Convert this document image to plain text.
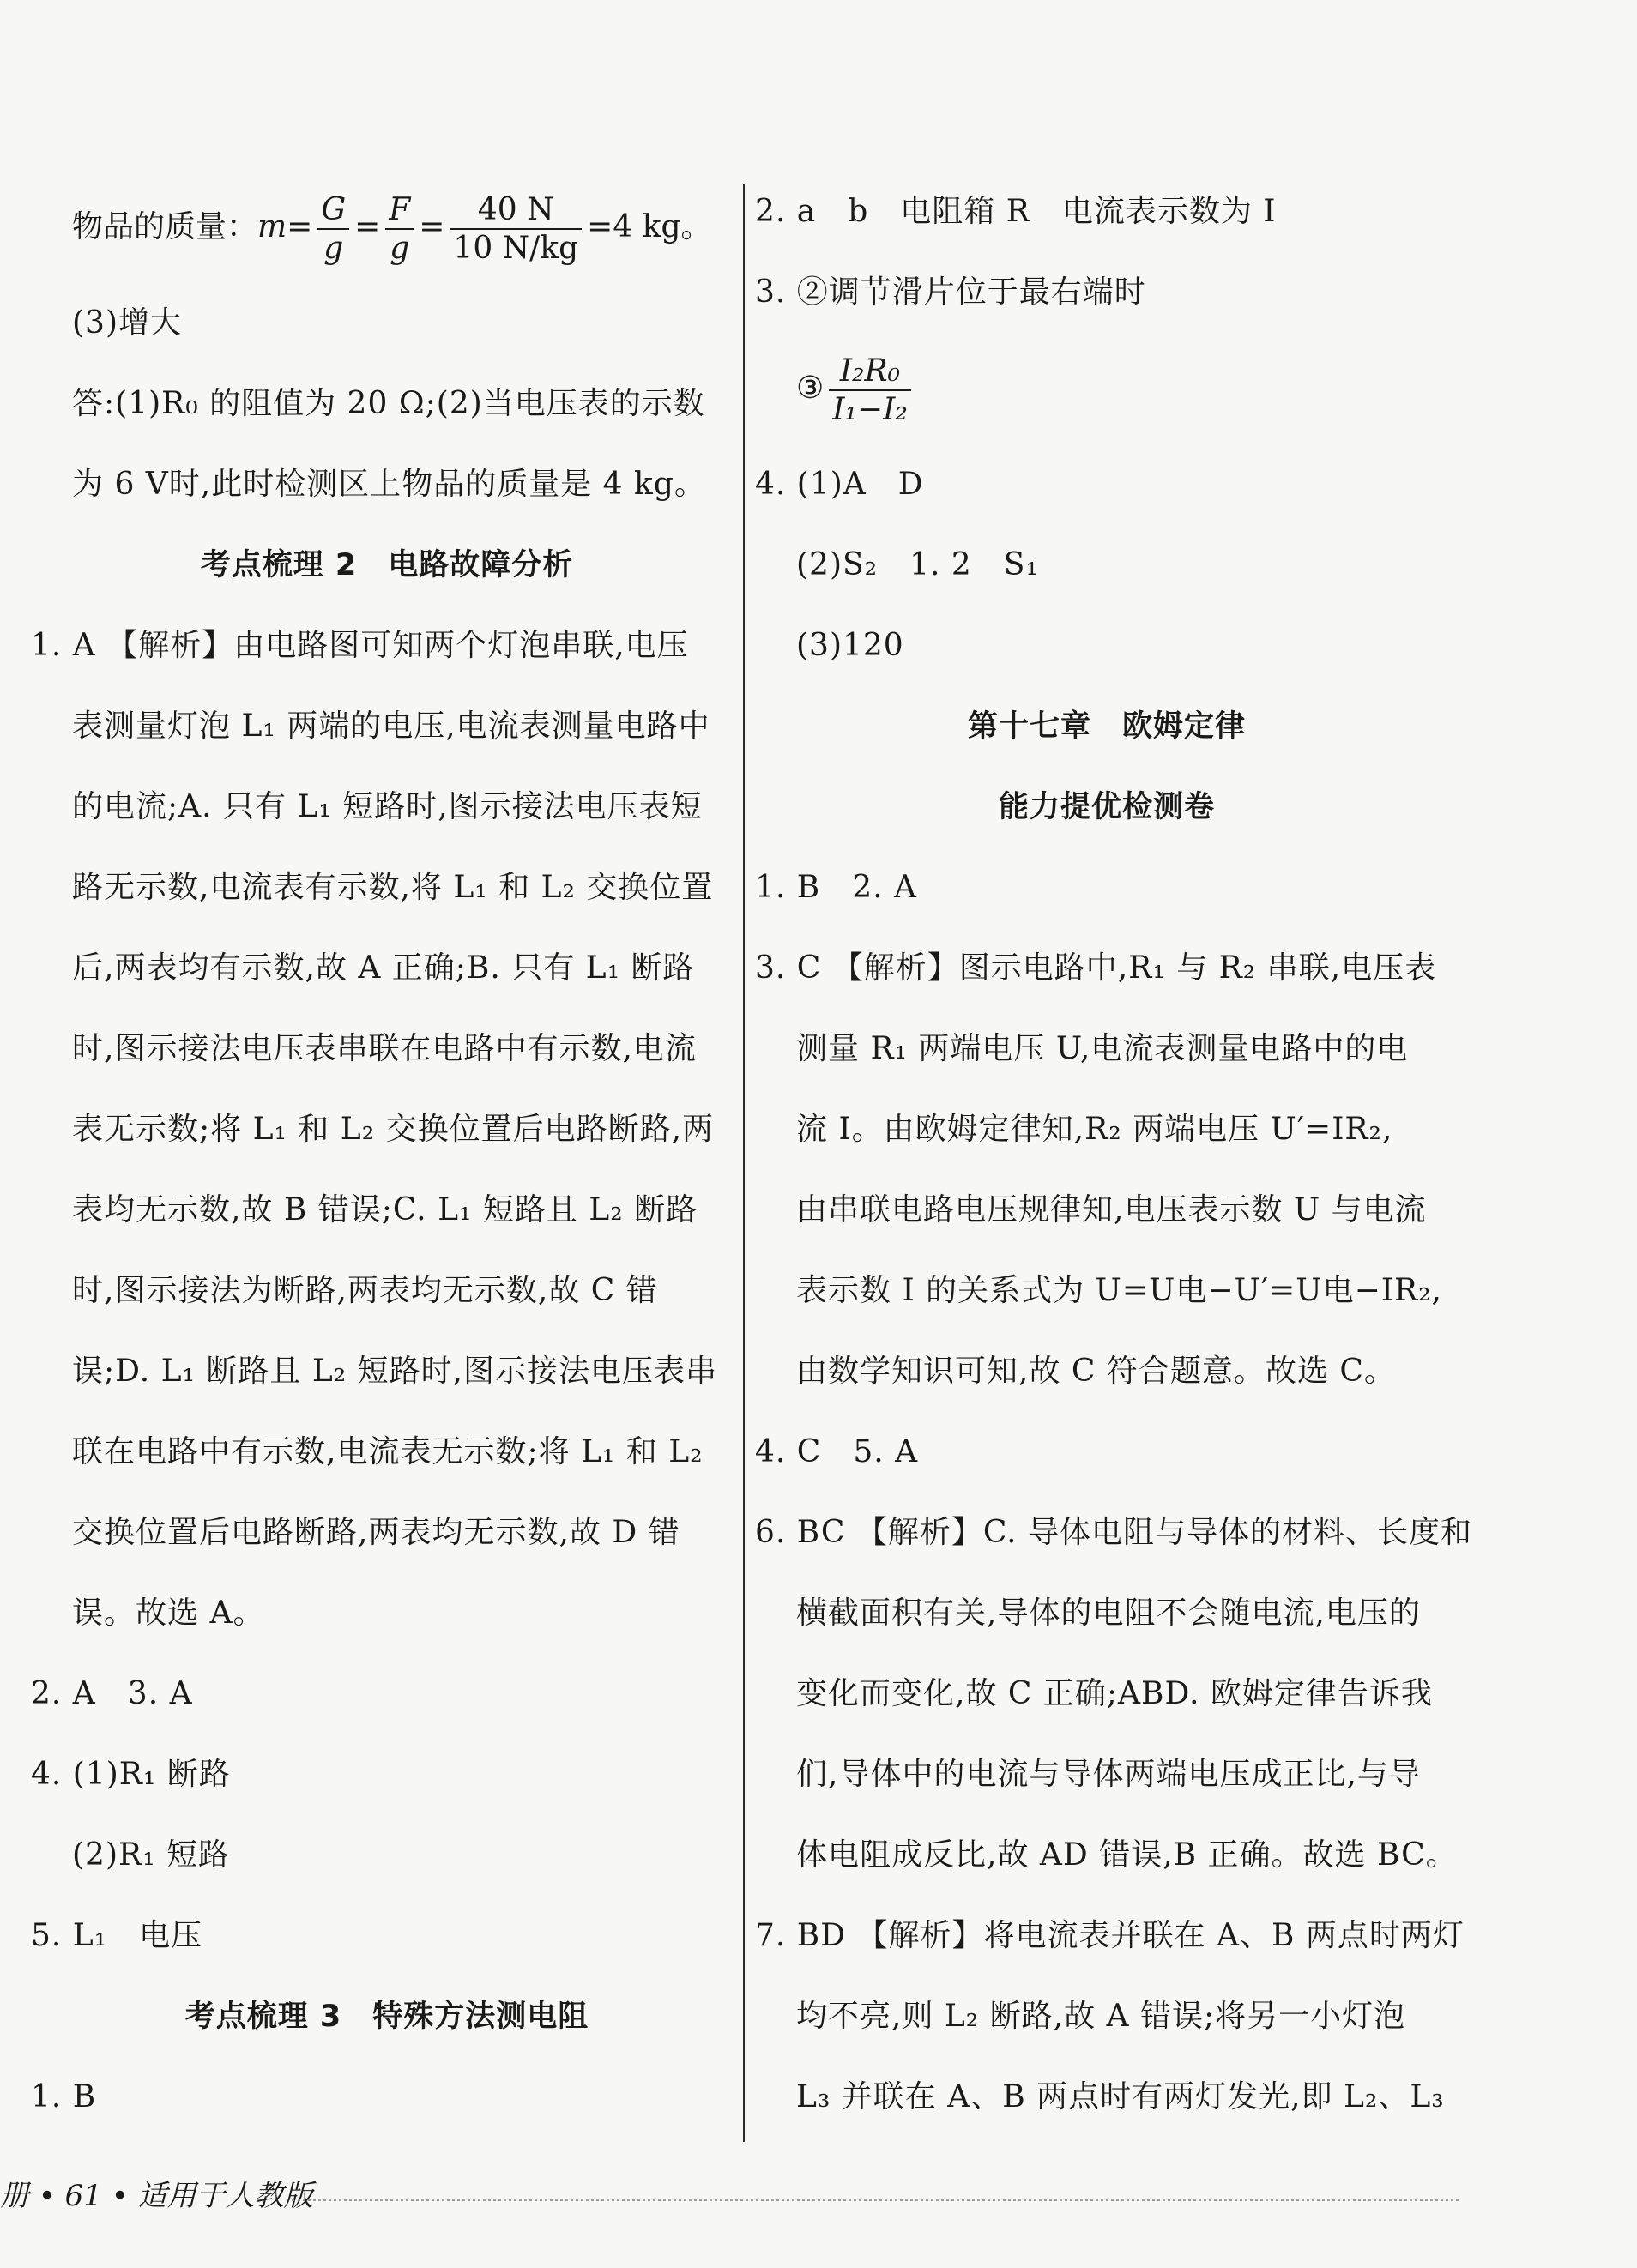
物品的质量：$m= \frac{G}{g} = \frac{F}{g} = \frac{40 N}{10 N/kg} =4$ kg。
(3)增大
答:(1)R₀ 的阻值为 20 Ω;(2)当电压表的示数
为 6 V时,此时检测区上物品的质量是 4 kg。
考点梳理 2　电路故障分析
1. A 【解析】由电路图可知两个灯泡串联,电压
表测量灯泡 L₁ 两端的电压,电流表测量电路中
的电流;A. 只有 L₁ 短路时,图示接法电压表短
路无示数,电流表有示数,将 L₁ 和 L₂ 交换位置
后,两表均有示数,故 A 正确;B. 只有 L₁ 断路
时,图示接法电压表串联在电路中有示数,电流
表无示数;将 L₁ 和 L₂ 交换位置后电路断路,两
表均无示数,故 B 错误;C. L₁ 短路且 L₂ 断路
时,图示接法为断路,两表均无示数,故 C 错
误;D. L₁ 断路且 L₂ 短路时,图示接法电压表串
联在电路中有示数,电流表无示数;将 L₁ 和 L₂
交换位置后电路断路,两表均无示数,故 D 错
误。故选 A。
2. A　3. A
4. (1)R₁ 断路
(2)R₁ 短路
5. L₁　电压
考点梳理 3　特殊方法测电阻
1. B
2. a　b　电阻箱 R　电流表示数为 I
3. ②调节滑片位于最右端时
③ $\frac{\text{I₂R₀}}{\text{I₁−I₂}}$
4. (1)A　D
(2)S₂　1. 2　S₁
(3)120
第十七章　欧姆定律
能力提优检测卷
1. B　2. A
3. C 【解析】图示电路中,R₁ 与 R₂ 串联,电压表
测量 R₁ 两端电压 U,电流表测量电路中的电
流 I。由欧姆定律知,R₂ 两端电压 U′=IR₂,
由串联电路电压规律知,电压表示数 U 与电流
表示数 I 的关系式为 U=U电−U′=U电−IR₂,
由数学知识可知,故 C 符合题意。故选 C。
4. C　5. A
6. BC 【解析】C. 导体电阻与导体的材料、长度和
横截面积有关,导体的电阻不会随电流,电压的
变化而变化,故 C 正确;ABD. 欧姆定律告诉我
们,导体中的电流与导体两端电压成正比,与导
体电阻成反比,故 AD 错误,B 正确。故选 BC。
7. BD 【解析】将电流表并联在 A、B 两点时两灯
均不亮,则 L₂ 断路,故 A 错误;将另一小灯泡
L₃ 并联在 A、B 两点时有两灯发光,即 L₂、L₃
册 • 61 • 适用于人教版
